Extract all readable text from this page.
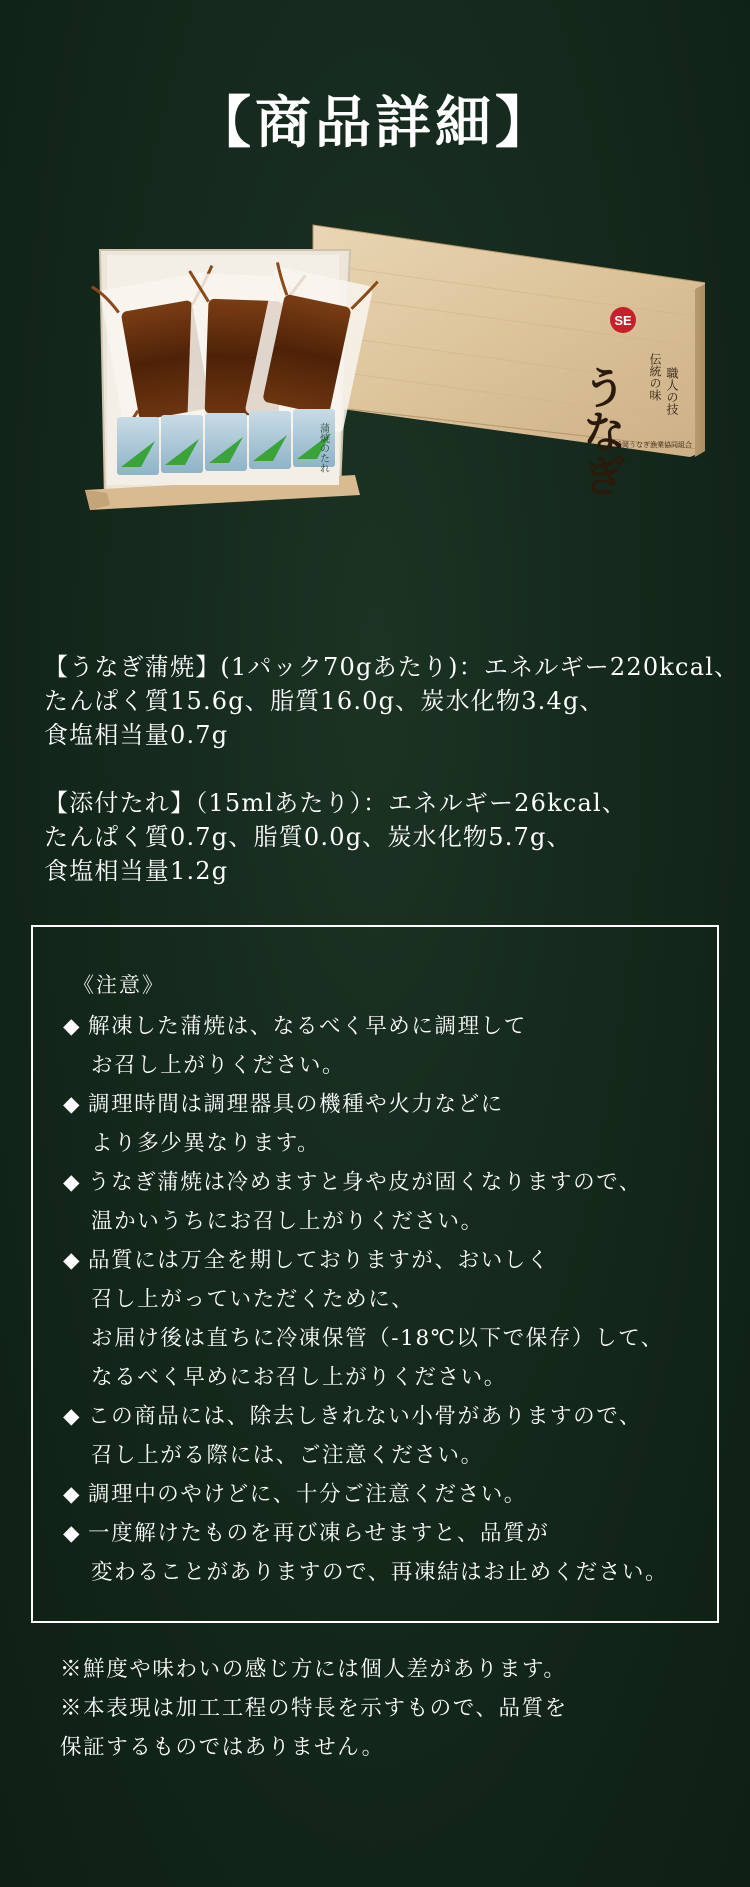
【商品詳細】
SE
うなぎ 伝統の味 職人の技
静岡うなぎ漁業協同組合
蒲焼のたれ
【うなぎ蒲焼】(1パック70gあたり)：エネルギー220kcal、
たんぱく質15.6g、脂質16.0g、炭水化物3.4g、
食塩相当量0.7g
【添付たれ】（15mlあたり）：エネルギー26kcal、
たんぱく質0.7g、脂質0.0g、炭水化物5.7g、
食塩相当量1.2g
《注意》
◆ 解凍した蒲焼は、なるべく早めに調理して
お召し上がりください。
◆ 調理時間は調理器具の機種や火力などに
より多少異なります。
◆ うなぎ蒲焼は冷めますと身や皮が固くなりますので、
温かいうちにお召し上がりください。
◆ 品質には万全を期しておりますが、おいしく
召し上がっていただくために、
お届け後は直ちに冷凍保管（-18℃以下で保存）して、
なるべく早めにお召し上がりください。
◆ この商品には、除去しきれない小骨がありますので、
召し上がる際には、ご注意ください。
◆ 調理中のやけどに、十分ご注意ください。
◆ 一度解けたものを再び凍らせますと、品質が
変わることがありますので、再凍結はお止めください。
※鮮度や味わいの感じ方には個人差があります。
※本表現は加工工程の特長を示すもので、品質を
保証するものではありません。
